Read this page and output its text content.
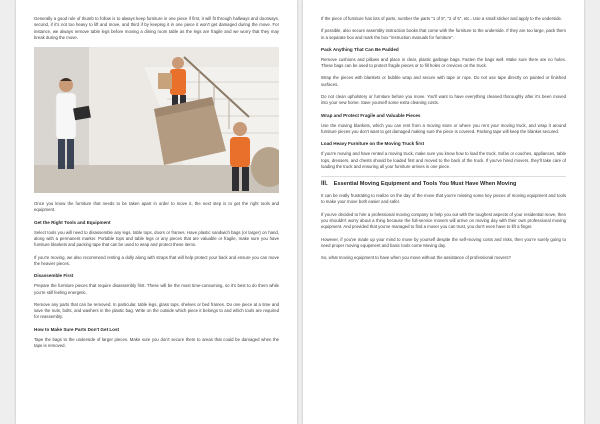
Generally a good rule of thumb to follow is to always keep furniture in one piece if first, it will fit through hallways and doorways, second, if it's not too heavy to lift and move, and third if by keeping it in one piece it won't get damaged during the move. For instance, we always remove table legs before moving a dining room table as the legs are fragile and we worry that they may break during the move.

Once you know the furniture that needs to be taken apart in order to move it, the next step is to get the right tools and equipment.

Get the Right Tools and Equipment

Select tools you will need to disassemble any legs, table tops, doors or frames. Have plastic sandwich bags (or larger) on hand, along with a permanent marker. Portable tops and table legs or any pieces that are valuable or fragile, make sure you have furniture blankets and packing tape that can be used to wrap and protect these items.

If you're moving, we also recommend renting a dolly along with straps that will help protect your back and ensure you can move the heavier pieces.

Disassemble First

Prepare the furniture pieces that require disassembly first. These will be the most time-consuming, so it's best to do them while you're still feeling energetic.

Remove any parts that can be removed. In particular, table legs, glass tops, shelves or bed frames. Do one piece at a time and save the nuts, bolts, and washers in the plastic bag. Write on the outside which piece it belongs to and which tools are required for reassembly.

How to Make Sure Parts Don't Get Lost

Tape the bags to the underside of larger pieces. Make sure you don't secure them to areas that could be damaged when the tape is removed.

If the piece of furniture has lots of parts, number the parts "1 of 5", "2 of 5", etc.. Use a small sticker and apply to the underside.

If possible, also secure assembly instruction books that come with the furniture to the underside. If they are too large, pack them in a separate box and mark the box "instruction manuals for furniture".

Pack Anything That Can Be Padded

Remove cushions and pillows and place in clear, plastic garbage bags. Fasten the bags well. Make sure there are no holes. These bags can be used to protect fragile pieces or to fill holes or crevices on the truck.

Wrap the pieces with blankets or bubble wrap and secure with tape or rope. Do not use tape directly on painted or finished surfaces.

Do not clean upholstery or furniture before you move. You'll want to have everything cleaned thoroughly after it's been moved into your new home. Save yourself some extra cleaning costs.

Wrap and Protect Fragile and Valuable Pieces

Use the moving blankets, which you can rent from a moving store or where you rent your moving truck, and wrap it around furniture pieces you don't want to get damaged making sure the piece is covered. Packing tape will keep the blanket secured.

Load Heavy Furniture on the Moving Truck first

If you're moving and have rented a moving truck, make sure you know how to load the truck. Sofas or couches, appliances, table tops, dressers, and chests should be loaded first and moved to the back of the truck. If you've hired movers, they'll take care of loading the truck and ensuring all your furniture arrives in one piece.

III. Essential Moving Equipment and Tools You Must Have When Moving

It can be really frustrating to realize on the day of the move that you're missing some key pieces of moving equipment and tools to make your move both easier and safer.

If you've decided to hire a professional moving company to help you out with the toughest aspects of your residential move, then you shouldn't worry about a thing because the full-service movers will arrive on moving day with their own professional moving equipment. And provided that you've managed to find a mover you can trust, you don't even have to lift a finger.

However, if you've made up your mind to move by yourself despite the self-moving costs and risks, then you're surely going to need proper moving equipment and basic tools come Moving day.

So, what moving equipment to have when you move without the assistance of professional movers?
